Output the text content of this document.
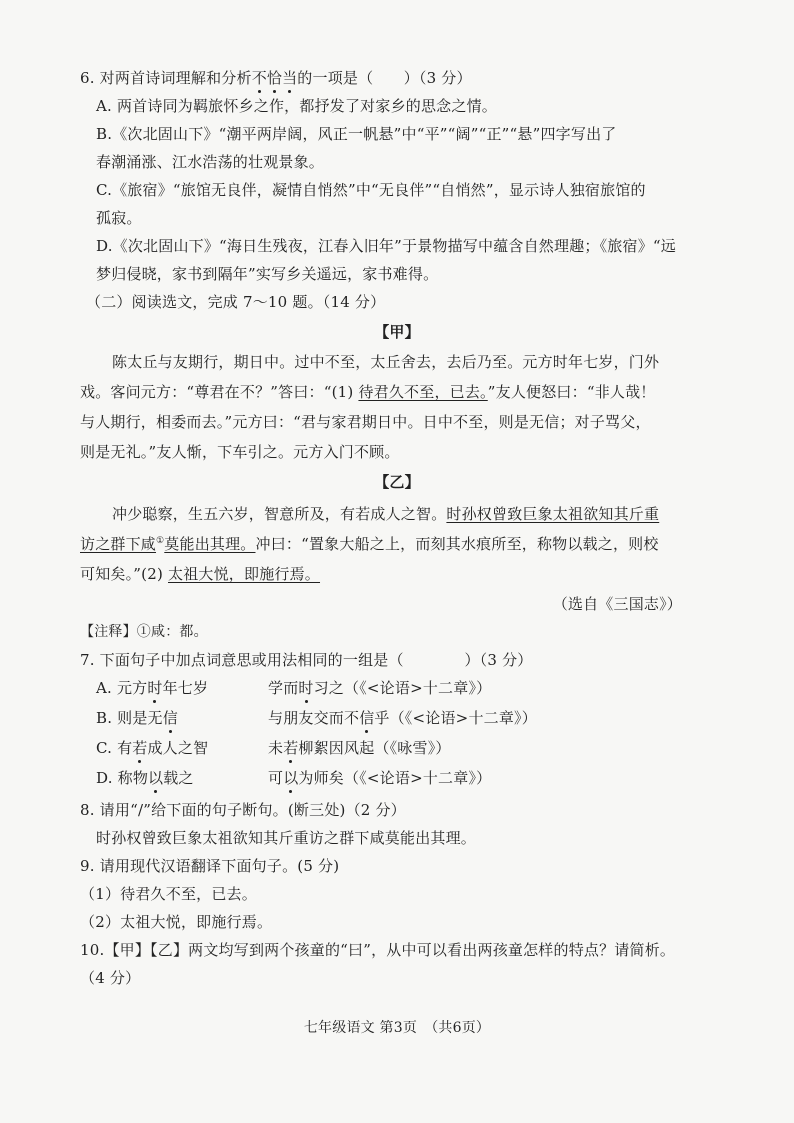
6. 对两首诗词理解和分析不恰当的一项是（　　）（3 分）
A. 两首诗同为羁旅怀乡之作，都抒发了对家乡的思念之情。
B.《次北固山下》“潮平两岸阔，风正一帆悬”中“平”“阔”“正”“悬”四字写出了
春潮涌涨、江水浩荡的壮观景象。
C.《旅宿》“旅馆无良伴，凝情自悄然”中“无良伴”“自悄然”，显示诗人独宿旅馆的
孤寂。
D.《次北固山下》“海日生残夜，江春入旧年”于景物描写中蕴含自然理趣；《旅宿》“远
梦归侵晓，家书到隔年”实写乡关遥远，家书难得。
（二）阅读选文，完成 7～10 题。（14 分）
【甲】
陈太丘与友期行，期日中。过中不至，太丘舍去，去后乃至。元方时年七岁，门外
戏。客问元方：“尊君在不？”答曰：“(1) 待君久不至，已去。”友人便怒曰：“非人哉！
与人期行，相委而去。”元方曰：“君与家君期日中。日中不至，则是无信；对子骂父，
则是无礼。”友人惭，下车引之。元方入门不顾。
【乙】
冲少聪察，生五六岁，智意所及，有若成人之智。时孙权曾致巨象太祖欲知其斤重
访之群下咸①莫能出其理。冲曰：“置象大船之上，而刻其水痕所至，称物以载之，则校
可知矣。”(2) 太祖大悦，即施行焉。
（选自《三国志》）
【注释】①咸：都。
7. 下面句子中加点词意思或用法相同的一组是（　　　　）（3 分）
A. 元方时年七岁	学而时习之（《<论语>十二章》）
B. 则是无信	与朋友交而不信乎（《<论语>十二章》）
C. 有若成人之智	未若柳絮因风起（《咏雪》）
D. 称物以载之	可以为师矣（《<论语>十二章》）
8. 请用“/”给下面的句子断句。(断三处)（2 分）
时孙权曾致巨象太祖欲知其斤重访之群下咸莫能出其理。
9. 请用现代汉语翻译下面句子。(5 分)
（1）待君久不至，已去。
（2）太祖大悦，即施行焉。
10.【甲】【乙】两文均写到两个孩童的“曰”，从中可以看出两孩童怎样的特点？请简析。
（4 分）
七年级语文 第3页　（共6页）
